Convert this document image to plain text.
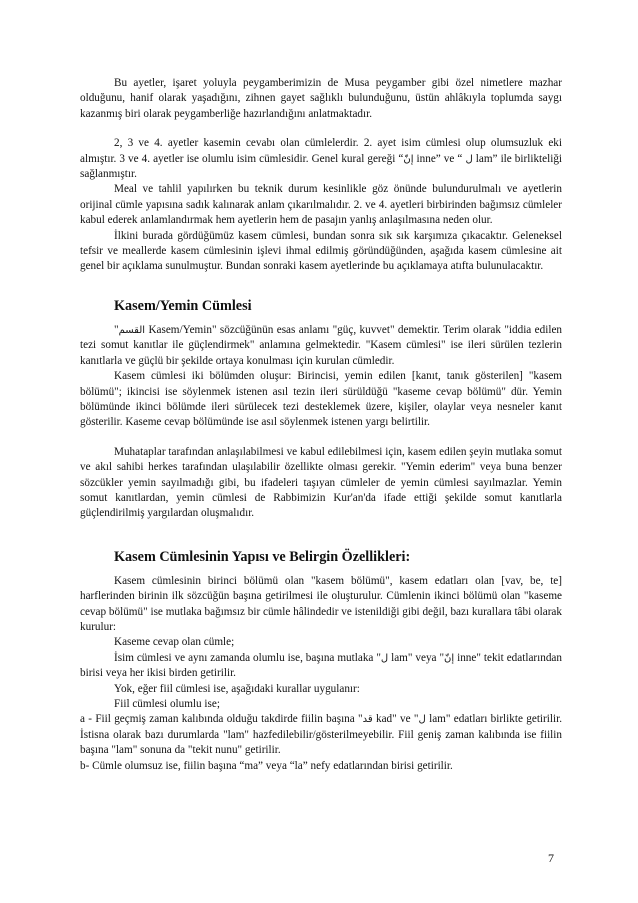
Bu ayetler, işaret yoluyla peygamberimizin de Musa peygamber gibi özel nimetlere mazhar olduğunu, hanif olarak yaşadığını, zihnen gayet sağlıklı bulunduğunu, üstün ahlâkıyla toplumda saygı kazanmış biri olarak peygamberliğe hazırlandığını anlatmaktadır.

2, 3 ve 4. ayetler kasemin cevabı olan cümlelerdir. 2. ayet isim cümlesi olup olumsuzluk eki almıştır. 3 ve 4. ayetler ise olumlu isim cümlesidir. Genel kural gereği “إنّ inne” ve “ ل lam” ile birlikteliği sağlanmıştır.

Meal ve tahlil yapılırken bu teknik durum kesinlikle göz önünde bulundurulmalı ve ayetlerin orijinal cümle yapısına sadık kalınarak anlam çıkarılmalıdır. 2. ve 4. ayetleri birbirinden bağımsız cümleler kabul ederek anlamlandırmak hem ayetlerin hem de pasajın yanlış anlaşılmasına neden olur.

İlkini burada gördüğümüz kasem cümlesi, bundan sonra sık sık karşımıza çıkacaktır. Geleneksel tefsir ve meallerde kasem cümlesinin işlevi ihmal edilmiş göründüğünden, aşağıda kasem cümlesine ait genel bir açıklama sunulmuştur. Bundan sonraki kasem ayetlerinde bu açıklamaya atıfta bulunulacaktır.

Kasem/Yemin Cümlesi

"القسم Kasem/Yemin" sözcüğünün esas anlamı "güç, kuvvet" demektir. Terim olarak "iddia edilen tezi somut kanıtlar ile güçlendirmek" anlamına gelmektedir. "Kasem cümlesi" ise ileri sürülen tezlerin kanıtlarla ve güçlü bir şekilde ortaya konulması için kurulan cümledir.

Kasem cümlesi iki bölümden oluşur: Birincisi, yemin edilen [kanıt, tanık gösterilen] "kasem bölümü"; ikincisi ise söylenmek istenen asıl tezin ileri sürüldüğü "kaseme cevap bölümü" dür. Yemin bölümünde ikinci bölümde ileri sürülecek tezi desteklemek üzere, kişiler, olaylar veya nesneler kanıt gösterilir. Kaseme cevap bölümünde ise asıl söylenmek istenen yargı belirtilir.

Muhataplar tarafından anlaşılabilmesi ve kabul edilebilmesi için, kasem edilen şeyin mutlaka somut ve akıl sahibi herkes tarafından ulaşılabilir özellikte olması gerekir. "Yemin ederim" veya buna benzer sözcükler yemin sayılmadığı gibi, bu ifadeleri taşıyan cümleler de yemin cümlesi sayılmazlar. Yemin somut kanıtlardan, yemin cümlesi de Rabbimizin Kur'an'da ifade ettiği şekilde somut kanıtlarla güçlendirilmiş yargılardan oluşmalıdır.

Kasem Cümlesinin Yapısı ve Belirgin Özellikleri:

Kasem cümlesinin birinci bölümü olan "kasem bölümü", kasem edatları olan [vav, be, te] harflerinden birinin ilk sözcüğün başına getirilmesi ile oluşturulur. Cümlenin ikinci bölümü olan "kaseme cevap bölümü" ise mutlaka bağımsız bir cümle hâlindedir ve istenildiği gibi değil, bazı kurallara tâbi olarak kurulur:

Kaseme cevap olan cümle;

İsim cümlesi ve aynı zamanda olumlu ise, başına mutlaka "ل lam" veya "إنّ inne" tekit edatlarından birisi veya her ikisi birden getirilir.

Yok, eğer fiil cümlesi ise, aşağıdaki kurallar uygulanır:

Fiil cümlesi olumlu ise;

a - Fiil geçmiş zaman kalıbında olduğu takdirde fiilin başına "قد kad" ve "ل lam" edatları birlikte getirilir. İstisna olarak bazı durumlarda "lam" hazfedilebilir/gösterilmeyebilir. Fiil geniş zaman kalıbında ise fiilin başına "lam" sonuna da "tekit nunu" getirilir.

b- Cümle olumsuz ise, fiilin başına “ma” veya “la” nefy edatlarından birisi getirilir.

7
